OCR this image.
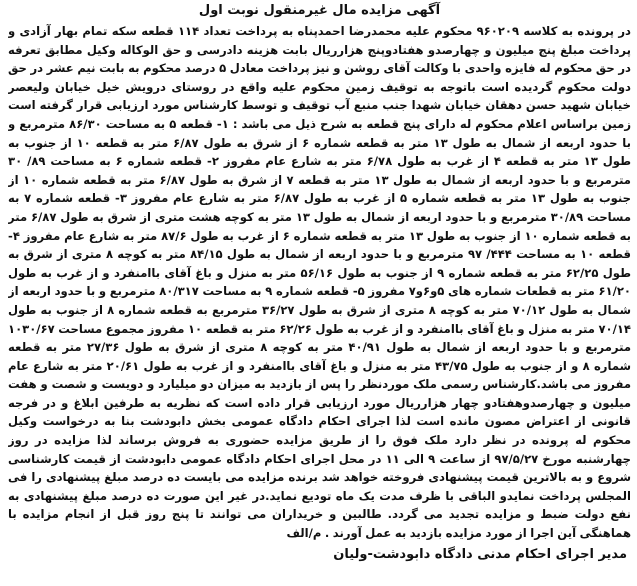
آگهی مزایده مال غیرمنقول نوبت اول

در پرونده به کلاسه ۹۶۰۲۰۹ محکوم علیه محمدرضا احمدپناه به پرداخت تعداد ۱۱۴ قطعه سکه تمام بهار آزادی و پرداخت مبلغ پنج میلیون و چهارصدو هفتادوپنج هزارریال بابت هزینه دادرسی و حق الوکاله وکیل مطابق تعرفه در حق محکوم له فایزه واحدی با وکالت آقای روشن و نیز پرداخت معادل ۵ درصد محکوم به بابت نیم عشر در حق دولت محکوم گردیده است باتوجه به توقیف زمین محکوم علیه واقع در روستای درویش خیل خیابان ولیعصر خیابان شهید حسن دهقان خیابان شهدا جنب منبع آب توقیف و توسط کارشناس مورد ارزیابی قرار گرفته است زمین براساس اعلام محکوم له دارای پنج قطعه به شرح ذیل می باشد : ۱- قطعه ۵ به مساحت ۸۶/۳۰ مترمربع و با حدود اربعه از شمال به طول ۱۳ متر به قطعه شماره ۶ از شرق به طول ۶/۸۷ متر به قطعه ۱۰ از جنوب به طول ۱۳ متر به قطعه ۴ از غرب به طول ۶/۷۸ متر به شارع عام مفروز ۲- قطعه شماره ۶ به مساحت ۸۹/ ۳۰ مترمربع و با حدود اربعه از شمال به طول ۱۳ متر به قطعه ۷ از شرق به طول ۶/۸۷ متر به قطعه شماره ۱۰ از جنوب به طول ۱۳ متر به قطعه شماره ۵ از غرب به طول ۶/۸۷ متر به شارع عام مفروز ۳- قطعه شماره ۷ به مساحت ۳۰/۸۹ مترمربع و با حدود اربعه از شمال به طول ۱۳ متر به کوچه هشت متری از شرق به طول ۶/۸۷ متر به قطعه شماره ۱۰ از جنوب به طول ۱۳ متر به قطعه شماره ۶ از غرب به طول ۸۷/۶ متر به شارع عام مفروز ۴- قطعه ۱۰ به مساحت ۴۴۴/ ۹۷ مترمربع و با حدود اربعه از شمال به طول ۸۴/۱۵ متر به کوچه ۸ متری از شرق به طول ۶۲/۲۵ متر به قطعه شماره ۹ از جنوب به طول ۵۶/۱۶ متر به منزل و باغ آقای باامنفرد و از غرب به طول ۶۱/۲۰ متر به قطعات شماره های ۵و۶و۷ مفروز ۵- قطعه شماره ۹ به مساحت ۸۰/۳۱۷ مترمربع و با حدود اربعه از شمال به طول ۷۰/۱۲ متر به کوچه ۸ متری از شرق به طول ۳۶/۲۷ مترمربع به قطعه شماره ۸ از جنوب به طول ۷۰/۱۴ متر به منزل و باغ آقای باامنفرد و از غرب به طول ۶۲/۲۶ متر به قطعه ۱۰ مفروز مجموع مساحت ۱۰۳۰/۶۷ مترمربع و با حدود اربعه از شمال به طول ۴۰/۹۱ متر به کوچه ۸ متری از شرق به طول ۲۷/۳۶ متر به قطعه شماره ۸ و از جنوب به طول ۴۳/۷۵ متر به منزل و باغ آقای باامنفرد و از غرب به طول ۲۰/۶۱ متر به شارع عام مفروز می باشد.کارشناس رسمی ملک موردنظر را پس از بازدید به میزان دو میلیارد و دویست و شصت و هفت میلیون و چهارصدوهفتادو چهار هزارریال مورد ارزیابی قرار داده است که نظریه به طرفین ابلاغ و در فرجه قانونی از اعتراض مصون مانده است لذا اجرای احکام دادگاه عمومی بخش دابودشت بنا به درخواست وکیل محکوم له پرونده در نظر دارد ملک فوق را از طریق مزایده حضوری به فروش برساند لذا مزایده در روز چهارشنبه مورخ ۹۷/۵/۲۷ از ساعت ۹ الی ۱۱ در محل اجرای احکام دادگاه عمومی دابودشت از قیمت کارشناسی شروع و به بالاترین قیمت پیشنهادی فروخته خواهد شد برنده مزایده می بایست ده درصد مبلغ پیشنهادی را فی المجلس پرداخت نمایدو الباقی با ظرف مدت یک ماه تودیع نماید.در غیر این صورت ده درصد مبلغ پیشنهادی به نفع دولت ضبط و مزایده تجدید می گردد. طالبین و خریداران می توانند تا پنج روز قبل از انجام مزایده با هماهنگی آین اجرا از مورد مزایده بازدید به عمل آورند . م/الف

مدیر اجرای احکام مدنی دادگاه دابودشت-ولیان
